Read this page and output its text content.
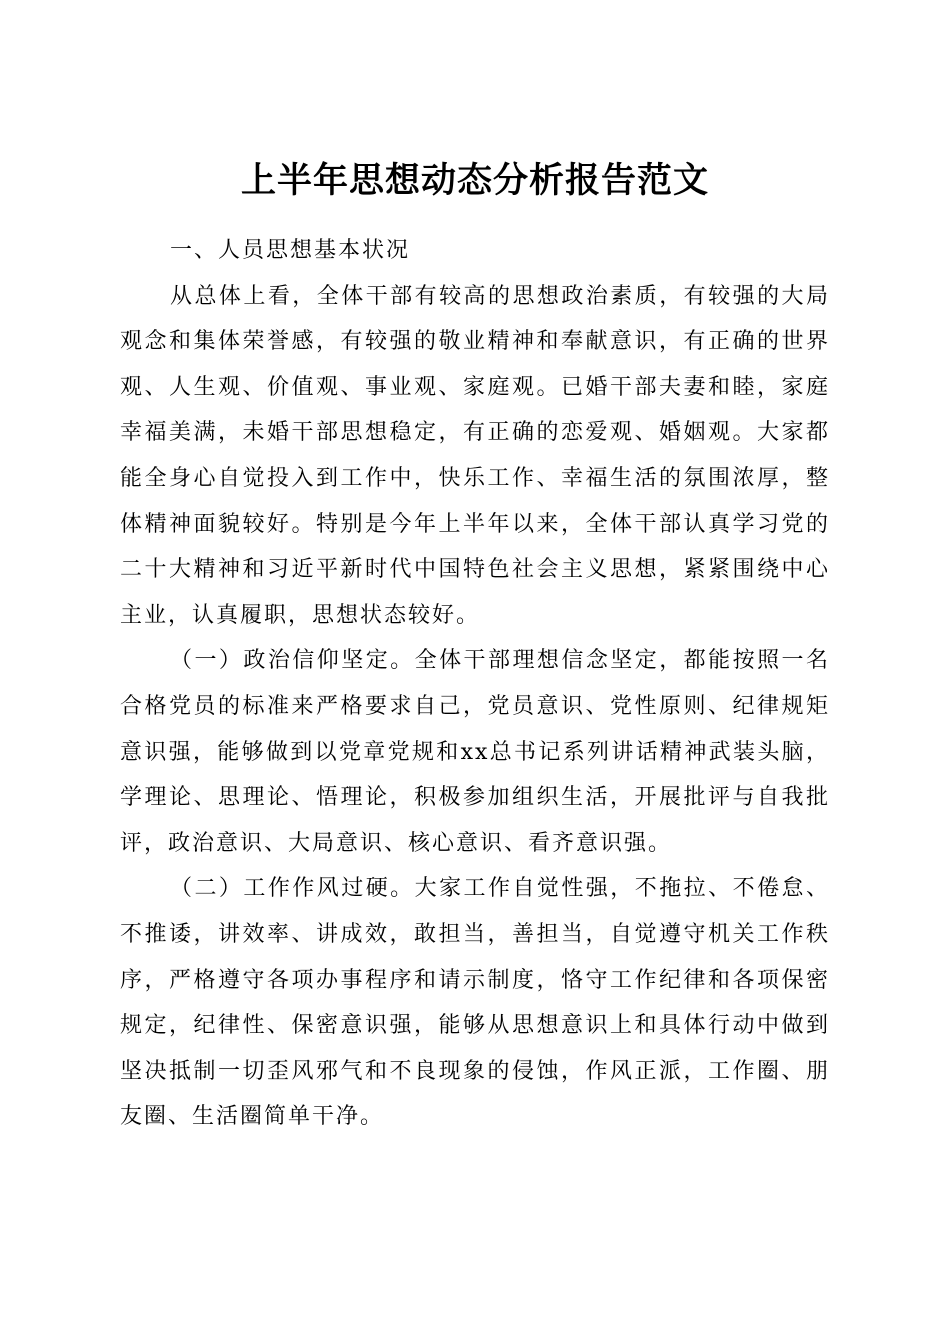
上半年思想动态分析报告范文
一、人员思想基本状况

从总体上看，全体干部有较高的思想政治素质，有较强的大局观念和集体荣誉感，有较强的敬业精神和奉献意识，有正确的世界观、人生观、价值观、事业观、家庭观。已婚干部夫妻和睦，家庭幸福美满，未婚干部思想稳定，有正确的恋爱观、婚姻观。大家都能全身心自觉投入到工作中，快乐工作、幸福生活的氛围浓厚，整体精神面貌较好。特别是今年上半年以来，全体干部认真学习党的二十大精神和习近平新时代中国特色社会主义思想，紧紧围绕中心主业，认真履职，思想状态较好。

（一）政治信仰坚定。全体干部理想信念坚定，都能按照一名合格党员的标准来严格要求自己，党员意识、党性原则、纪律规矩意识强，能够做到以党章党规和xx总书记系列讲话精神武装头脑，学理论、思理论、悟理论，积极参加组织生活，开展批评与自我批评，政治意识、大局意识、核心意识、看齐意识强。

（二）工作作风过硬。大家工作自觉性强，不拖拉、不倦怠、不推诿，讲效率、讲成效，敢担当，善担当，自觉遵守机关工作秩序，严格遵守各项办事程序和请示制度，恪守工作纪律和各项保密规定，纪律性、保密意识强，能够从思想意识上和具体行动中做到坚决抵制一切歪风邪气和不良现象的侵蚀，作风正派，工作圈、朋友圈、生活圈简单干净。
